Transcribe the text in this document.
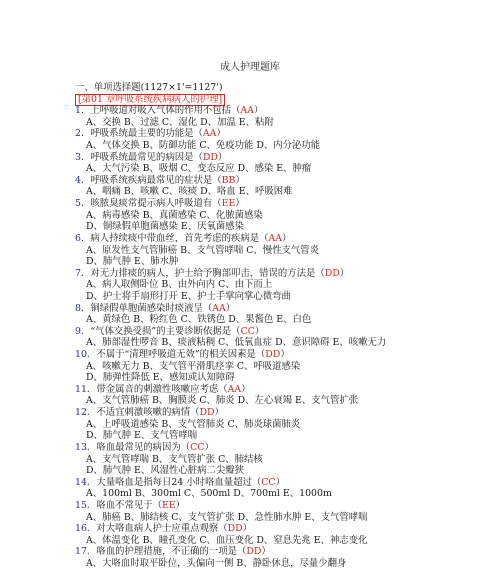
成人护理题库
一、单项选择题(1127×1'=1127')
[第01 章呼吸系统疾病病人的护理]
1．上呼吸道对吸入气体的作用不包括（AA）
A、交换 B、过滤 C、湿化 D、加温 E、粘附
2．呼吸系统最主要的功能是（AA）
A、气体交换 B、防御功能 C、免疫功能 D、内分泌功能
3．呼吸系统最常见的病因是（DD）
A、大气污染 B、吸烟 C、变态反应 D、感染 E、肿瘤
4．呼吸系统疾病最常见的症状是（BB）
A、咽痛 B、咳嗽 C、咳痰 D、咯血 E、呼吸困难
5．咳脓臭痰常提示病人呼吸道有（EE）
A、病毒感染 B、真菌感染 C、化脓菌感染
D、铜绿假单胞菌感染 E、厌氧菌感染
6．病人持续痰中带血丝，首先考虑的疾病是（AA）
A、原发性支气管肺癌 B、支气管哮喘 C、慢性支气管炎
D、肺气肿 E、肺水肿
7．对无力排痰的病人，护士给予胸部叩击，错误的方法是（DD）
A、病人取侧卧位 B、由外向内 C、由下而上
D、护士将手扇形打开 E、护士手掌向掌心微弯曲
8．铜绿假单胞菌感染时痰液呈（AA）
A、黄绿色 B、粉红色 C、铁锈色 D、果酱色 E、白色
9．“气体交换受损”的主要诊断依据是（CC）
A、肺部湿性啰音 B、痰液粘稠 C、低氧血症 D、意识障碍 E、咳嗽无力
10．不属于“清理呼吸道无效”的相关因素是（DD）
A、咳嗽无力 B、支气管平滑肌痉挛 C、呼吸道感染
D、肺弹性降低 E、感知或认知障碍
11．带金属音的刺激性咳嗽应考虑（AA）
A、支气管肺癌 B、胸膜炎 C、肺炎 D、左心衰竭 E、支气管扩张
12．不适宜刺激咳嗽的病情（DD）
A、上呼吸道感染 B、支气管肺炎 C、肺炎球菌肺炎
D、肺气肿 E、支气管哮喘
13．咯血最常见的病因为（CC）
A、支气管哮喘 B、支气管扩张 C、肺结核
D、肺气肿 E、风湿性心脏病二尖瓣狭
14．大量咯血是指每日24 小时咯血量超过（CC）
A、100ml B、300ml C、500ml D、700ml E、1000m
15．咯血不常见于（EE）
A、肺癌 B、肺结核 C、支气管扩张 D、急性肺水肿 E、支气管哮喘
16．对大咯血病人护士应重点观察（DD）
A、体温变化 B、瞳孔变化 C、血压变化 D、窒息先兆 E、神志变化
17．咯血的护理措施，不正确的一项是（DD）
A、大咯血时取平卧位，头偏向一侧 B、静卧休息，尽量少翻身
